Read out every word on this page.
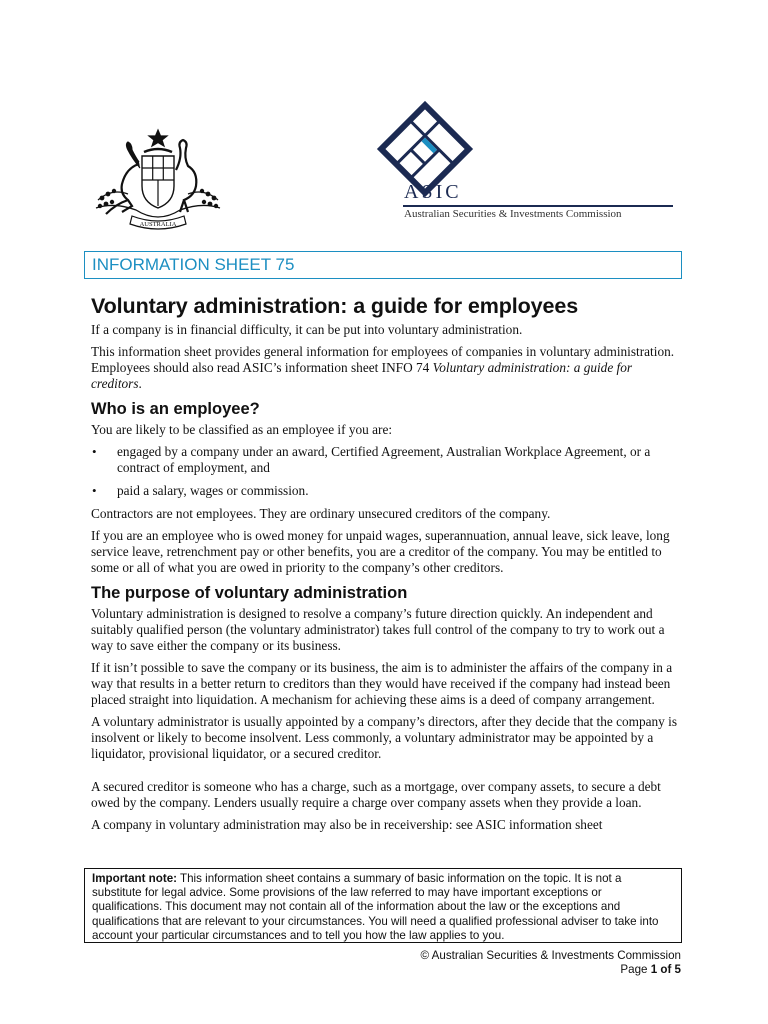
AUSTRALIA
ASIC
Australian Securities & Investments Commission
INFORMATION SHEET 75
Voluntary administration: a guide for employees

If a company is in financial difficulty, it can be put into voluntary administration.

This information sheet provides general information for employees of companies in voluntary administration. Employees should also read ASIC’s information sheet INFO 74 Voluntary administration: a guide for creditors.

Who is an employee?

You are likely to be classified as an employee if you are:

• engaged by a company under an award, Certified Agreement, Australian Workplace Agreement, or a contract of employment, and
• paid a salary, wages or commission.

Contractors are not employees. They are ordinary unsecured creditors of the company.

If you are an employee who is owed money for unpaid wages, superannuation, annual leave, sick leave, long service leave, retrenchment pay or other benefits, you are a creditor of the company. You may be entitled to some or all of what you are owed in priority to the company’s other creditors.

The purpose of voluntary administration

Voluntary administration is designed to resolve a company’s future direction quickly. An independent and suitably qualified person (the voluntary administrator) takes full control of the company to try to work out a way to save either the company or its business.

If it isn’t possible to save the company or its business, the aim is to administer the affairs of the company in a way that results in a better return to creditors than they would have received if the company had instead been placed straight into liquidation. A mechanism for achieving these aims is a deed of company arrangement.

A voluntary administrator is usually appointed by a company’s directors, after they decide that the company is insolvent or likely to become insolvent. Less commonly, a voluntary administrator may be appointed by a liquidator, provisional liquidator, or a secured creditor.

A secured creditor is someone who has a charge, such as a mortgage, over company assets, to secure a debt owed by the company. Lenders usually require a charge over company assets when they provide a loan.

A company in voluntary administration may also be in receivership: see ASIC information sheet

Important note: This information sheet contains a summary of basic information on the topic. It is not a substitute for legal advice. Some provisions of the law referred to may have important exceptions or qualifications. This document may not contain all of the information about the law or the exceptions and qualifications that are relevant to your circumstances. You will need a qualified professional adviser to take into account your particular circumstances and to tell you how the law applies to you.
© Australian Securities & Investments Commission
Page 1 of 5
